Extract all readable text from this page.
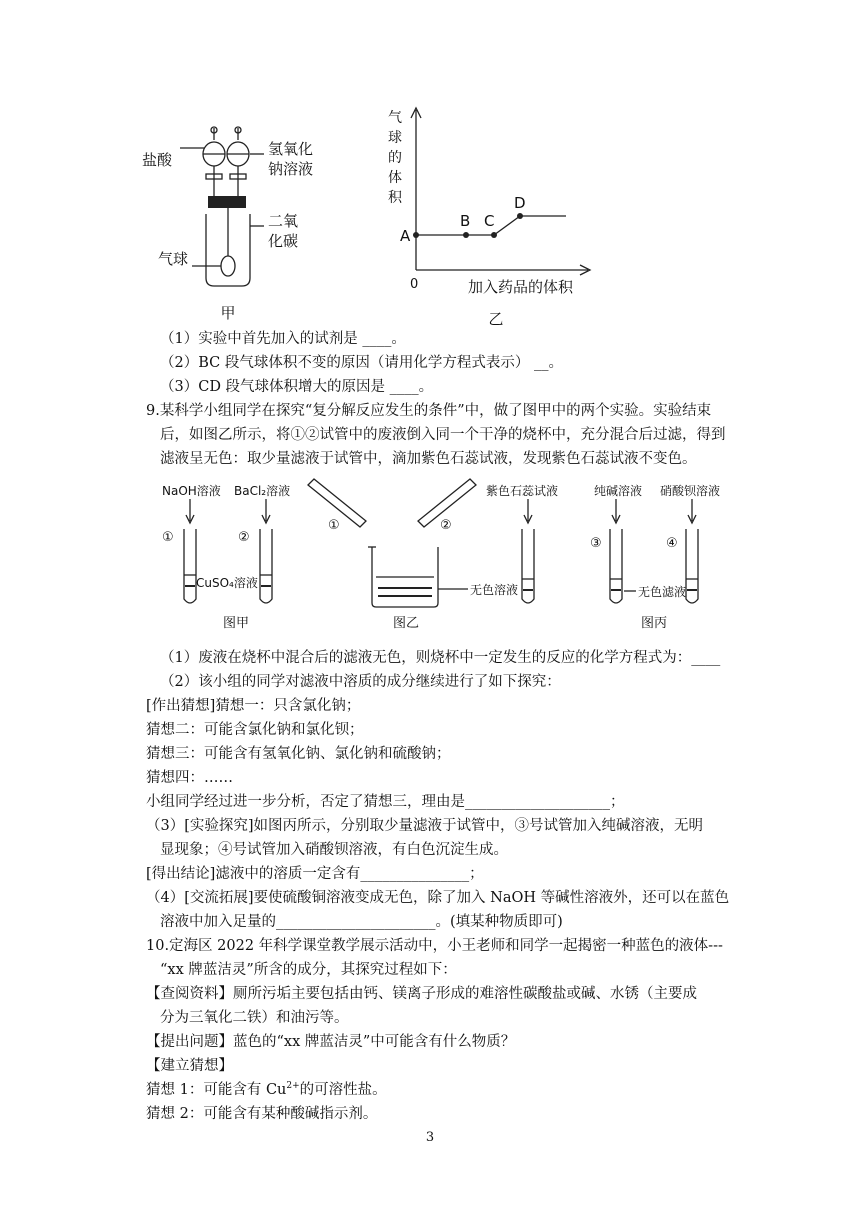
盐酸
氢氧化
钠溶液
二氧
化碳
气球
甲
气
球
的
体
积
A
B C
D
0	加入药品的体积
乙
（1）实验中首先加入的试剂是 ____。
（2）BC 段气球体积不变的原因（请用化学方程式表示） __。
（3）CD 段气球体积增大的原因是 ____。
9.某科学小组同学在探究“复分解反应发生的条件”中，做了图甲中的两个实验。实验结束
后，如图乙所示，将①②试管中的废液倒入同一个干净的烧杯中，充分混合后过滤，得到
滤液呈无色：取少量滤液于试管中，滴加紫色石蕊试液，发现紫色石蕊试液不变色。
NaOH溶液 BaCl₂溶液
①	②
CuSO₄溶液
①	②
无色溶液
紫色石蕊试液	纯碱溶液 硝酸钡溶液
③	④
无色滤液
图甲	图乙	图丙
（1）废液在烧杯中混合后的滤液无色，则烧杯中一定发生的反应的化学方程式为：____
（2）该小组的同学对滤液中溶质的成分继续进行了如下探究：
[作出猜想]猜想一：只含氯化钠；
猜想二：可能含氯化钠和氯化钡；
猜想三：可能含有氢氧化钠、氯化钠和硫酸钠；
猜想四：……
小组同学经过进一步分析，否定了猜想三，理由是____________________；
（3）[实验探究]如图丙所示，分别取少量滤液于试管中，③号试管加入纯碱溶液，无明
显现象；④号试管加入硝酸钡溶液，有白色沉淀生成。
[得出结论]滤液中的溶质一定含有_______________；
（4）[交流拓展]要使硫酸铜溶液变成无色，除了加入 NaOH 等碱性溶液外，还可以在蓝色
溶液中加入足量的______________________。(填某种物质即可)
10.定海区 2022 年科学课堂教学展示活动中，小王老师和同学一起揭密一种蓝色的液体---
“xx 牌蓝洁灵”所含的成分，其探究过程如下：
【查阅资料】厕所污垢主要包括由钙、镁离子形成的难溶性碳酸盐或碱、水锈（主要成
分为三氧化二铁）和油污等。
【提出问题】蓝色的“xx 牌蓝洁灵”中可能含有什么物质？
【建立猜想】
猜想 1：可能含有 $Cu^{2+}$的可溶性盐。
猜想 2：可能含有某种酸碱指示剂。
3
